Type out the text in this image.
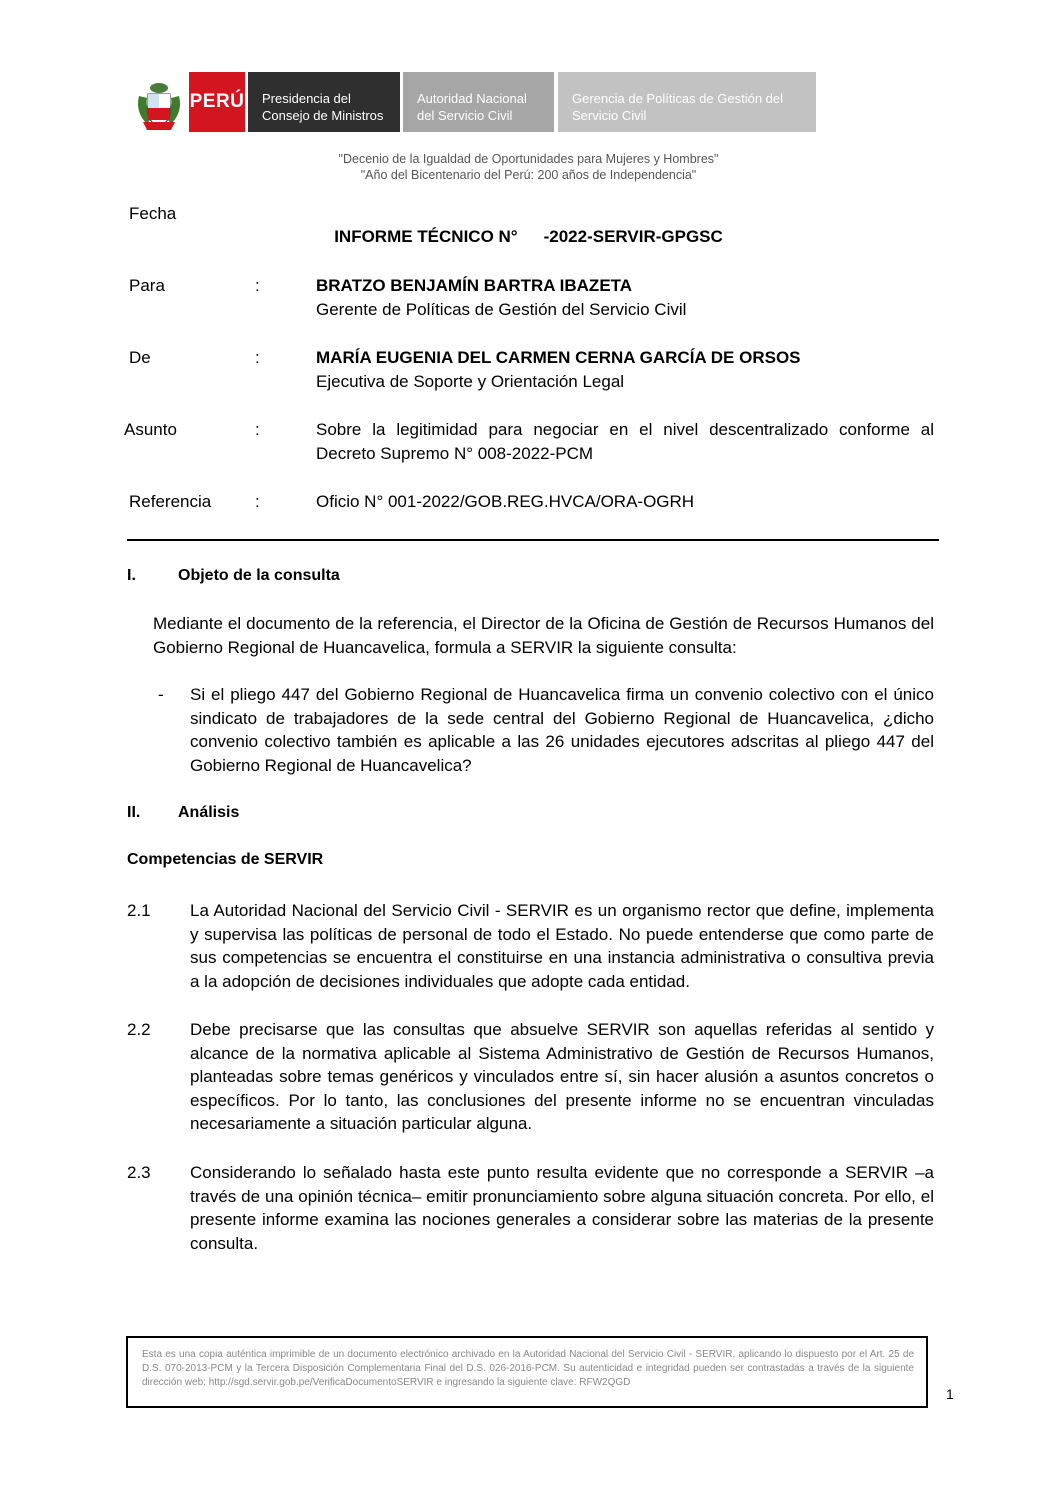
PERÚ Presidencia del
Consejo de Ministros
Autoridad Nacional
del Servicio Civil
Gerencia de Políticas de Gestión del
Servicio Civil
"Decenio de la Igualdad de Oportunidades para Mujeres y Hombres"
"Año del Bicentenario del Perú: 200 años de Independencia"
Fecha
INFORME TÉCNICO N° -2022-SERVIR-GPGSC
Para	:	BRATZO BENJAMÍN BARTRA IBAZETA
Gerente de Políticas de Gestión del Servicio Civil
De	:	MARÍA EUGENIA DEL CARMEN CERNA GARCÍA DE ORSOS
Ejecutiva de Soporte y Orientación Legal
Asunto	:	Sobre la legitimidad para negociar en el nivel descentralizado conforme al
Decreto Supremo N° 008-2022-PCM
Referencia	:	Oficio N° 001-2022/GOB.REG.HVCA/ORA-OGRH
I.	Objeto de la consulta
Mediante el documento de la referencia, el Director de la Oficina de Gestión de Recursos Humanos del Gobierno Regional de Huancavelica, formula a SERVIR la siguiente consulta:
- Si el pliego 447 del Gobierno Regional de Huancavelica firma un convenio colectivo con el único sindicato de trabajadores de la sede central del Gobierno Regional de Huancavelica, ¿dicho convenio colectivo también es aplicable a las 26 unidades ejecutores adscritas al pliego 447 del Gobierno Regional de Huancavelica?
II. Análisis
Competencias de SERVIR
2.1 La Autoridad Nacional del Servicio Civil - SERVIR es un organismo rector que define, implementa y supervisa las políticas de personal de todo el Estado. No puede entenderse que como parte de sus competencias se encuentra el constituirse en una instancia administrativa o consultiva previa a la adopción de decisiones individuales que adopte cada entidad.
2.2 Debe precisarse que las consultas que absuelve SERVIR son aquellas referidas al sentido y alcance de la normativa aplicable al Sistema Administrativo de Gestión de Recursos Humanos, planteadas sobre temas genéricos y vinculados entre sí, sin hacer alusión a asuntos concretos o específicos. Por lo tanto, las conclusiones del presente informe no se encuentran vinculadas necesariamente a situación particular alguna.
2.3 Considerando lo señalado hasta este punto resulta evidente que no corresponde a SERVIR –a través de una opinión técnica– emitir pronunciamiento sobre alguna situación concreta. Por ello, el presente informe examina las nociones generales a considerar sobre las materias de la presente consulta.
Esta es una copia auténtica imprimible de un documento electrónico archivado en la Autoridad Nacional del Servicio Civil - SERVIR, aplicando lo dispuesto por el Art. 25 de D.S. 070-2013-PCM y la Tercera Disposición Complementaria Final del D.S. 026-2016-PCM. Su autenticidad e integridad pueden ser contrastadas a través de la siguiente dirección web: http://sgd.servir.gob.pe/VerificaDocumentoSERVIR e ingresando la siguiente clave: RFW2QGD
1
